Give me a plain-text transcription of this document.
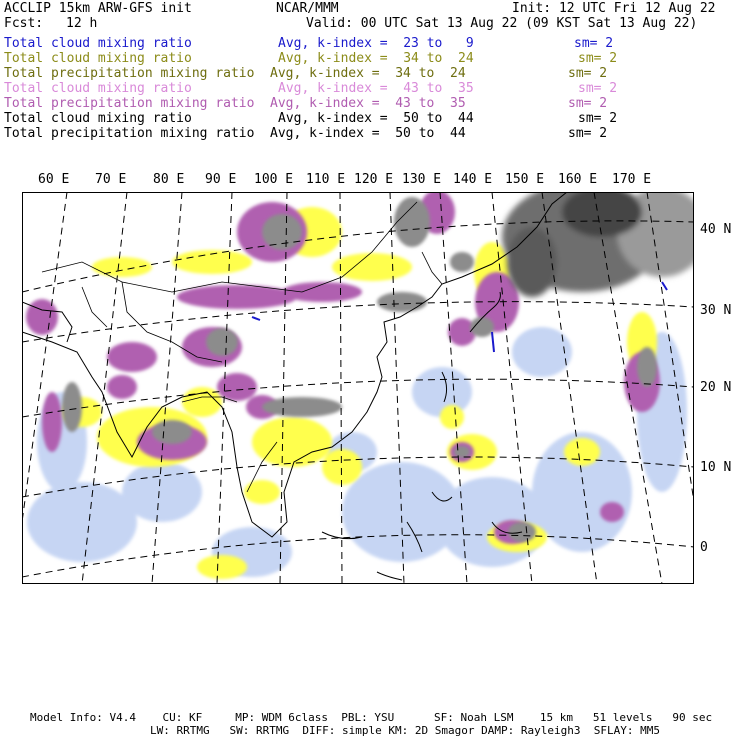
ACCLIP 15km ARW-GFS init	NCAR/MMM	Init: 12 UTC Fri 12 Aug 22
Fcst: 12 h	Valid: 00 UTC Sat 13 Aug 22 (09 KST Sat 13 Aug 22)
Total cloud mixing ratio	Avg, k-index =  23 to   9	sm= 2
Total cloud mixing ratio	Avg, k-index =  34 to  24	sm= 2
Total precipitation mixing ratio Avg, k-index =  34 to  24	sm= 2
Total cloud mixing ratio	Avg, k-index =  43 to  35	sm= 2
Total precipitation mixing ratio Avg, k-index =  43 to  35	sm= 2
Total cloud mixing ratio	Avg, k-index =  50 to  44	sm= 2
Total precipitation mixing ratio Avg, k-index =  50 to  44	sm= 2
60 E 70 E 80 E 90 E 100 E 110 E 120 E 130 E 140 E 150 E 160 E 170 E
40 N
30 N
20 N
10 N
0
Model Info: V4.4    CU: KF     MP: WDM 6class  PBL: YSU      SF: Noah LSM    15 km   51 levels   90 sec
LW: RRTMG   SW: RRTMG  DIFF: simple KM: 2D Smagor DAMP: Rayleigh3  SFLAY: MM5
